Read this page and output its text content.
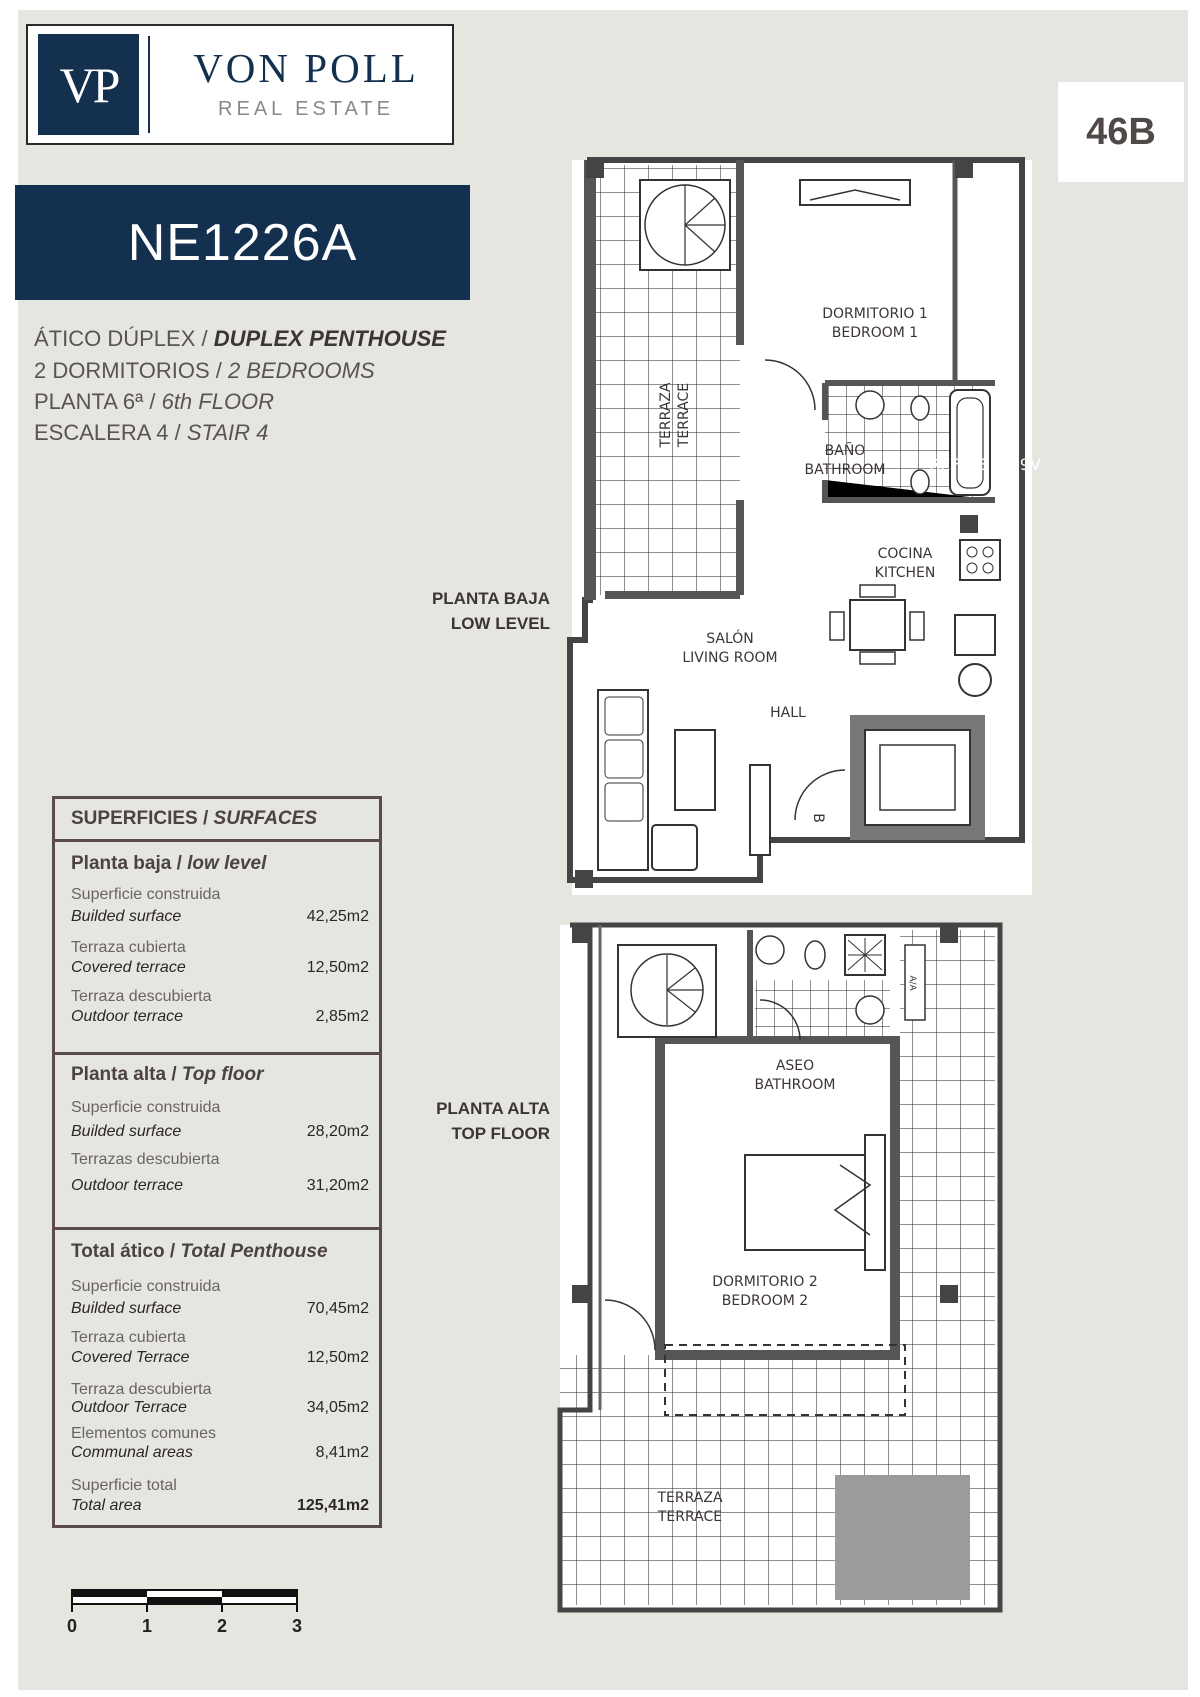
VP	VON POLL
REAL ESTATE
NE1226A
46B
ÁTICO DÚPLEX / DUPLEX PENTHOUSE
2 DORMITORIOS / 2 BEDROOMS
PLANTA 6ª / 6th FLOOR
ESCALERA 4 / STAIR 4
PLANTA BAJA
LOW LEVEL
PLANTA ALTA
TOP FLOOR
SUPERFICIES / SURFACES
Planta baja / low level
Superficie construida
Builded surface	42,25m2
Terraza cubierta
Covered terrace	12,50m2
Terraza descubierta
Outdoor terrace	2,85m2
Planta alta / Top floor
Superficie construida
Builded surface	28,20m2
Terrazas descubierta
Outdoor terrace	31,20m2
Total ático / Total Penthouse
Superficie construida
Builded surface	70,45m2
Terraza cubierta
Covered Terrace	12,50m2
Terraza descubierta
Outdoor Terrace	34,05m2
Elementos comunes
Communal areas	8,41m2
Superficie total
Total area	125,41m2
0	1	2	3
DORMITORIO 1
BEDROOM 1
TERRAZA TERRACE
BAÑO
BATHROOM	REF. NE1359V
COCINA
KITCHEN
SALÓN
LIVING ROOM
HALL
B
ASEO
BATHROOM
A/A
DORMITORIO 2
BEDROOM 2
TERRAZA
TERRACE
